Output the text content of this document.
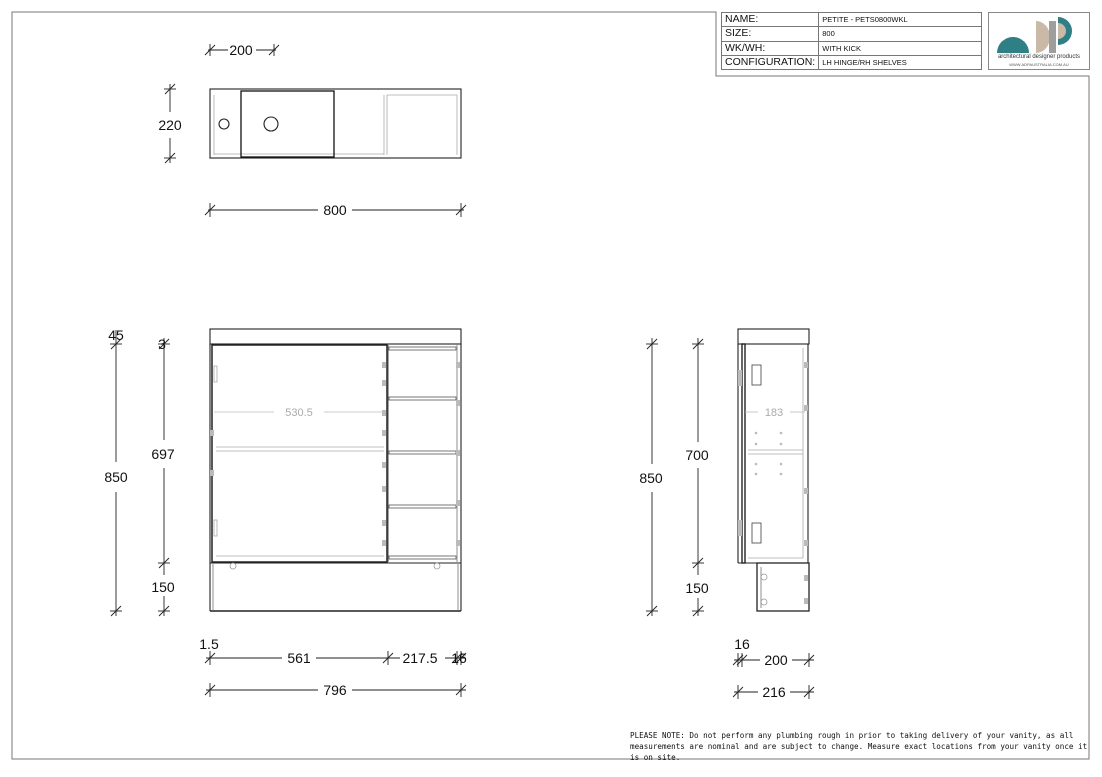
200
220
800
45
3
850
697
150
530.5
1.5
561	217.5 16
796
183
700
850
150
16
200
216
NAME:	PETITE - PETS0800WKL
SIZE:	800
WK/WH:	WITH KICK
CONFIGURATION:	LH HINGE/RH SHELVES
architectural designer products
WWW.ADPAUSTRALIA.COM.AU
PLEASE NOTE: Do not perform any plumbing rough in prior to taking delivery of your vanity, as all measurements are nominal and are subject to change. Measure exact locations from your vanity once it is on site.
